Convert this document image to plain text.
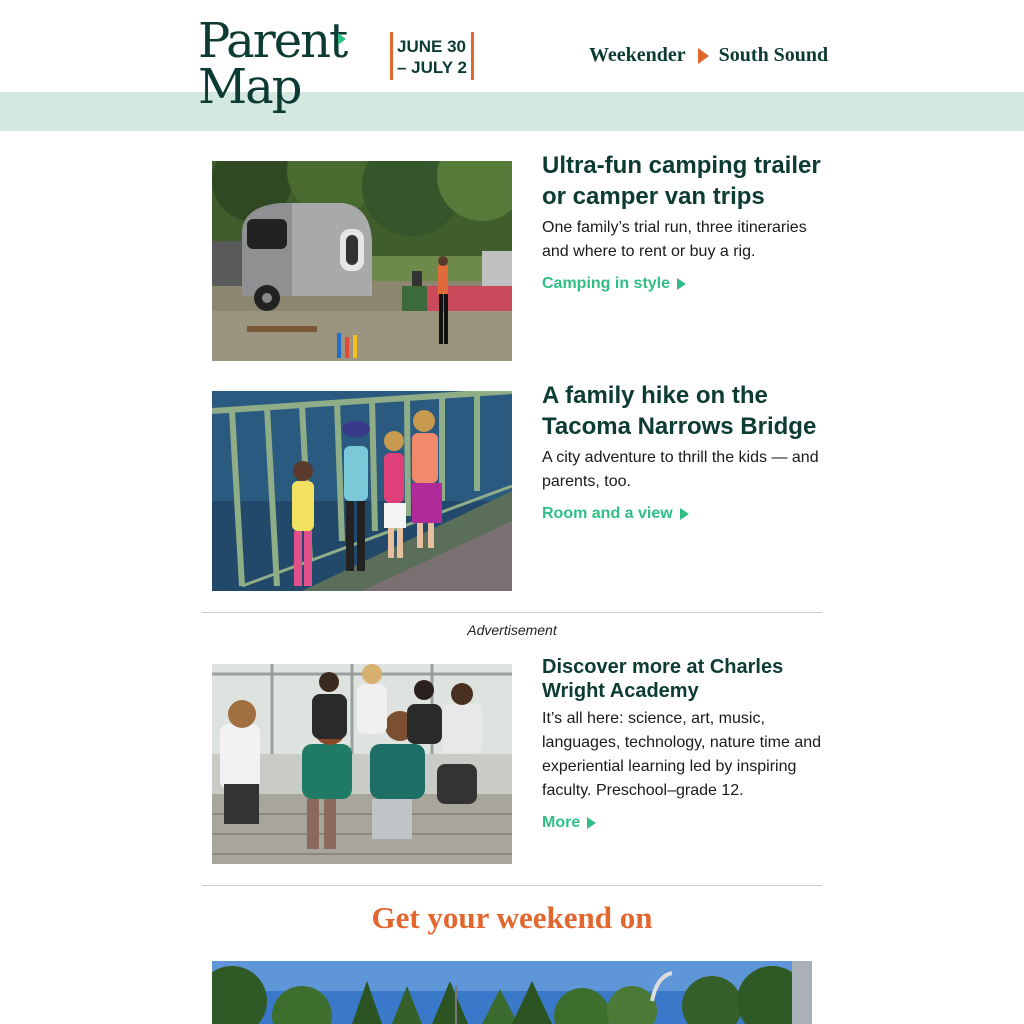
Parent
Map
JUNE 30
– JULY 2
Weekender South Sound
Ultra-fun camping trailer or camper van trips

One family’s trial run, three itineraries and where to rent or buy a rig.

Camping in style
A family hike on the Tacoma Narrows Bridge

A city adventure to thrill the kids — and parents, too.

Room and a view
Advertisement
Discover more at Charles Wright Academy

It’s all here: science, art, music, languages, technology, nature time and experiential learning led by inspiring faculty. Preschool–grade 12.

More
Get your weekend on
